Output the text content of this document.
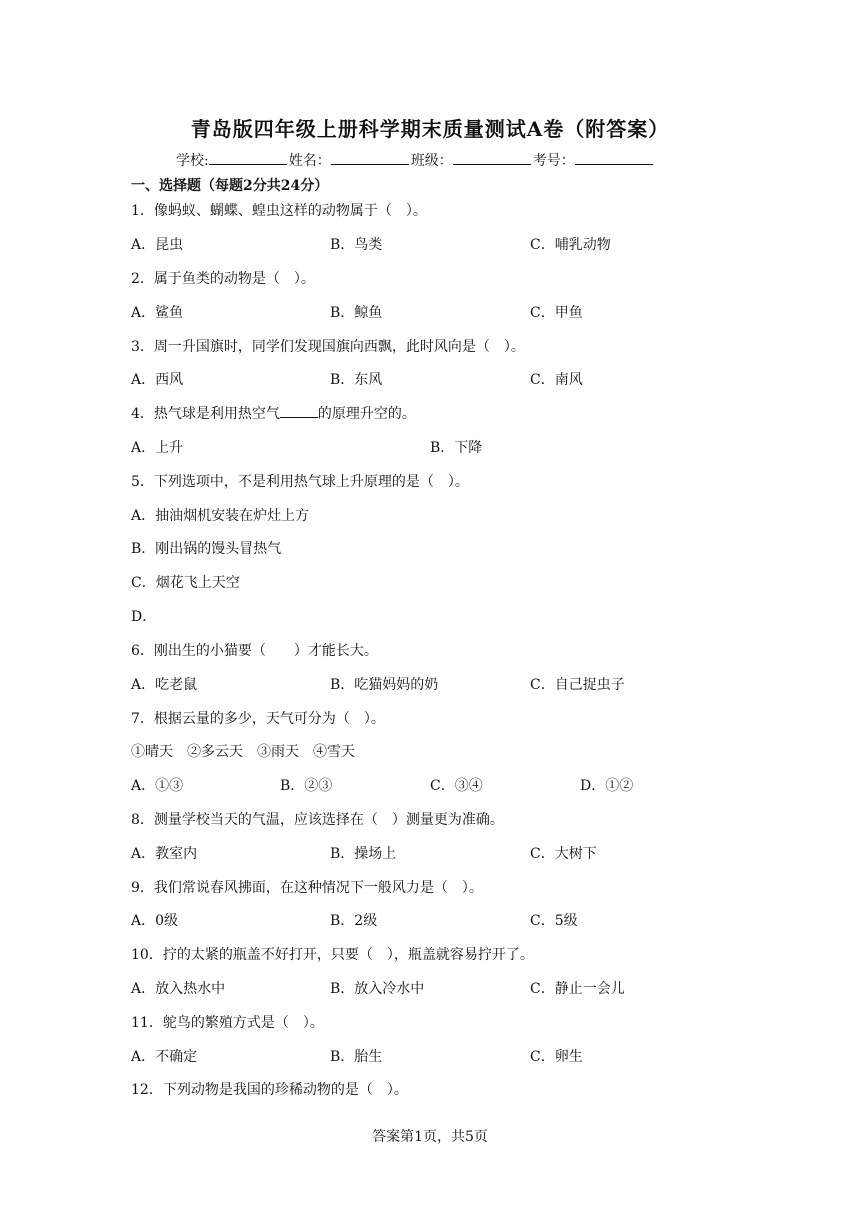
青岛版四年级上册科学期末质量测试A卷（附答案）
学校:	姓名：	班级：	考号：
一、选择题（每题2分共24分）
1．像蚂蚁、蝴蝶、蝗虫这样的动物属于（　）。
A．昆虫	B．鸟类	C．哺乳动物
2．属于鱼类的动物是（　）。
A．鲨鱼	B．鲸鱼	C．甲鱼
3．周一升国旗时，同学们发现国旗向西飘，此时风向是（　）。
A．西风	B．东风	C．南风
4．热气球是利用热空气	的原理升空的。
A．上升	B．下降
5．下列选项中，不是利用热气球上升原理的是（　）。
A．抽油烟机安装在炉灶上方
B．刚出锅的馒头冒热气
C．烟花飞上天空
D．
6．刚出生的小猫要（　　）才能长大。
A．吃老鼠	B．吃猫妈妈的奶	C．自己捉虫子
7．根据云量的多少，天气可分为（　）。
①晴天　②多云天　③雨天　④雪天
A．①③	B．②③	C．③④	D．①②
8．测量学校当天的气温，应该选择在（　）测量更为准确。
A．教室内	B．操场上	C．大树下
9．我们常说春风拂面，在这种情况下一般风力是（　）。
A．0级	B．2级	C．5级
10．拧的太紧的瓶盖不好打开，只要（　），瓶盖就容易拧开了。
A．放入热水中	B．放入冷水中	C．静止一会儿
11．鸵鸟的繁殖方式是（　）。
A．不确定	B．胎生	C．卵生
12．下列动物是我国的珍稀动物的是（　）。
答案第1页，共5页
